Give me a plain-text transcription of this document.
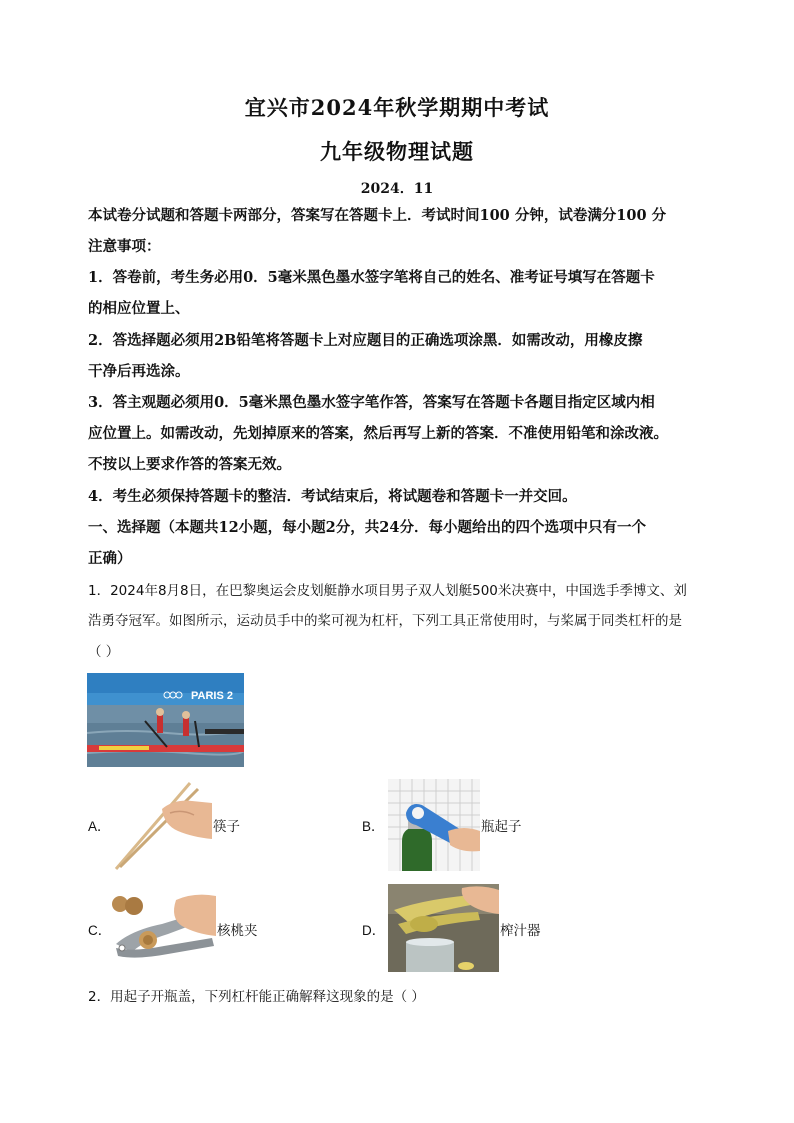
宜兴市2024年秋学期期中考试
九年级物理试题
2024．11
本试卷分试题和答题卡两部分，答案写在答题卡上．考试时间100 分钟，试卷满分100 分
注意事项：
1．答卷前，考生务必用0．5毫米黑色墨水签字笔将自己的姓名、准考证号填写在答题卡
的相应位置上、
2．答选择题必须用2B铅笔将答题卡上对应题目的正确选项涂黑．如需改动，用橡皮擦
干净后再选涂。
3．答主观题必须用0．5毫米黑色墨水签字笔作答，答案写在答题卡各题目指定区域内相
应位置上。如需改动，先划掉原来的答案，然后再写上新的答案．不准使用铅笔和涂改液。
不按以上要求作答的答案无效。
4．考生必须保持答题卡的整洁．考试结束后，将试题卷和答题卡一并交回。
一、选择题（本题共12小题，每小题2分，共24分．每小题给出的四个选项中只有一个
正确）
1．2024年8月8日，在巴黎奥运会皮划艇静水项目男子双人划艇500米决赛中，中国选手季博文、刘
浩勇夺冠军。如图所示，运动员手中的桨可视为杠杆，下列工具正常使用时，与桨属于同类杠杆的是
（ ）
PARIS 2
A．	筷子	B．	瓶起子
C．	核桃夹	D．	榨汁器
2．用起子开瓶盖，下列杠杆能正确解释这现象的是（ ）
